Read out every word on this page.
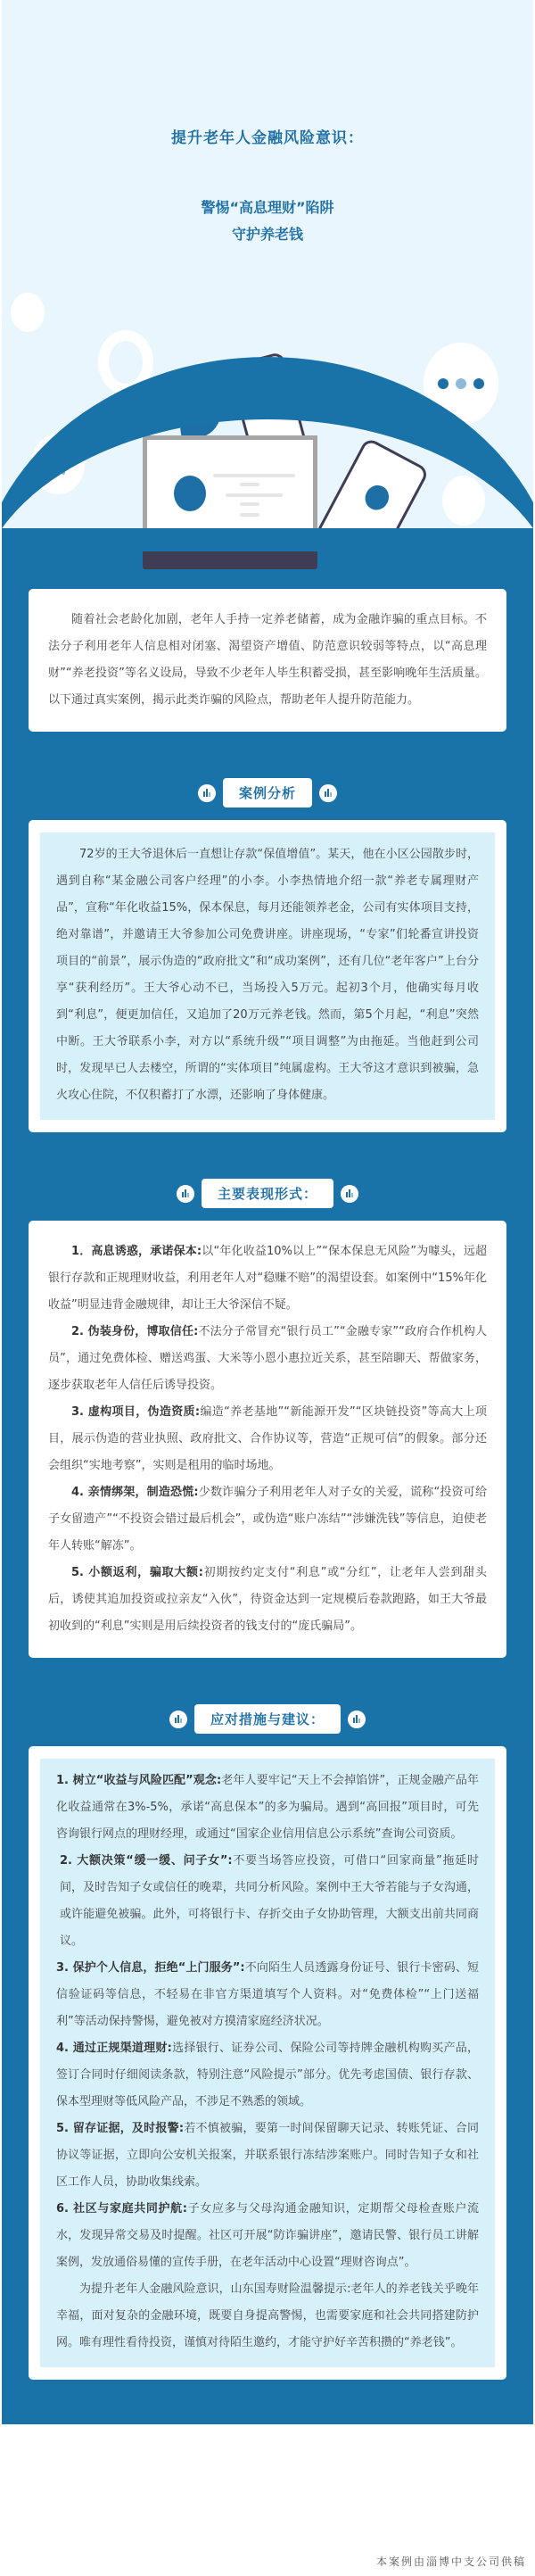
提升老年人金融风险意识：
警惕“高息理财”陷阱
守护养老钱
✓

随着社会老龄化加剧，老年人手持一定养老储蓄，成为金融诈骗的重点目标。不法分子利用老年人信息相对闭塞、渴望资产增值、防范意识较弱等特点，以“高息理财”“养老投资”等名义设局，导致不少老年人毕生积蓄受损，甚至影响晚年生活质量。以下通过真实案例，揭示此类诈骗的风险点，帮助老年人提升防范能力。

案例分析

72岁的王大爷退休后一直想让存款“保值增值”。某天，他在小区公园散步时，遇到自称“某金融公司客户经理”的小李。小李热情地介绍一款“养老专属理财产品”，宣称“年化收益15%，保本保息，每月还能领养老金，公司有实体项目支持，绝对靠谱”，并邀请王大爷参加公司免费讲座。讲座现场，“专家”们轮番宣讲投资项目的“前景”，展示伪造的“政府批文”和“成功案例”，还有几位“老年客户”上台分享“获利经历”。王大爷心动不已，当场投入5万元。起初3个月，他确实每月收到“利息”，便更加信任，又追加了20万元养老钱。然而，第5个月起，“利息”突然中断。王大爷联系小李，对方以“系统升级”“项目调整”为由拖延。当他赶到公司时，发现早已人去楼空，所谓的“实体项目”纯属虚构。王大爷这才意识到被骗，急火攻心住院，不仅积蓄打了水漂，还影响了身体健康。

主要表现形式：

1．高息诱惑，承诺保本:以“年化收益10%以上”“保本保息无风险”为噱头，远超银行存款和正规理财收益，利用老年人对“稳赚不赔”的渴望设套。如案例中“15%年化收益”明显违背金融规律，却让王大爷深信不疑。

2. 伪装身份，博取信任:不法分子常冒充“银行员工”“金融专家”“政府合作机构人员”，通过免费体检、赠送鸡蛋、大米等小恩小惠拉近关系，甚至陪聊天、帮做家务，逐步获取老年人信任后诱导投资。

3. 虚构项目，伪造资质:编造“养老基地”“新能源开发”“区块链投资”等高大上项目，展示伪造的营业执照、政府批文、合作协议等，营造“正规可信”的假象。部分还会组织“实地考察”，实则是租用的临时场地。

4. 亲情绑架，制造恐慌:少数诈骗分子利用老年人对子女的关爱，谎称“投资可给子女留遗产”“不投资会错过最后机会”，或伪造“账户冻结”“涉嫌洗钱”等信息，迫使老年人转账“解冻”。

5. 小额返利，骗取大额:初期按约定支付“利息”或“分红”，让老年人尝到甜头后，诱使其追加投资或拉亲友“入伙”，待资金达到一定规模后卷款跑路，如王大爷最初收到的“利息”实则是用后续投资者的钱支付的“庞氏骗局”。

应对措施与建议：

1. 树立“收益与风险匹配”观念:老年人要牢记“天上不会掉馅饼”，正规金融产品年化收益通常在3%-5%，承诺“高息保本”的多为骗局。遇到“高回报”项目时，可先咨询银行网点的理财经理，或通过“国家企业信用信息公示系统”查询公司资质。

2. 大额决策“缓一缓、问子女”:不要当场答应投资，可借口“回家商量”拖延时间，及时告知子女或信任的晚辈，共同分析风险。案例中王大爷若能与子女沟通，或许能避免被骗。此外，可将银行卡、存折交由子女协助管理，大额支出前共同商议。

3. 保护个人信息，拒绝“上门服务”:不向陌生人员透露身份证号、银行卡密码、短信验证码等信息，不轻易在非官方渠道填写个人资料。对“免费体检”“上门送福利”等活动保持警惕，避免被对方摸清家庭经济状况。

4. 通过正规渠道理财:选择银行、证券公司、保险公司等持牌金融机构购买产品，签订合同时仔细阅读条款，特别注意“风险提示”部分。优先考虑国债、银行存款、保本型理财等低风险产品，不涉足不熟悉的领域。

5. 留存证据，及时报警:若不慎被骗，要第一时间保留聊天记录、转账凭证、合同协议等证据，立即向公安机关报案，并联系银行冻结涉案账户。同时告知子女和社区工作人员，协助收集线索。

6. 社区与家庭共同护航:子女应多与父母沟通金融知识，定期帮父母检查账户流水，发现异常交易及时提醒。社区可开展“防诈骗讲座”，邀请民警、银行员工讲解案例，发放通俗易懂的宣传手册，在老年活动中心设置“理财咨询点”。

为提升老年人金融风险意识，山东国寿财险温馨提示:老年人的养老钱关乎晚年幸福，面对复杂的金融环境，既要自身提高警惕，也需要家庭和社会共同搭建防护网。唯有理性看待投资，谨慎对待陌生邀约，才能守护好辛苦积攒的“养老钱”。

本案例由淄博中支公司供稿
